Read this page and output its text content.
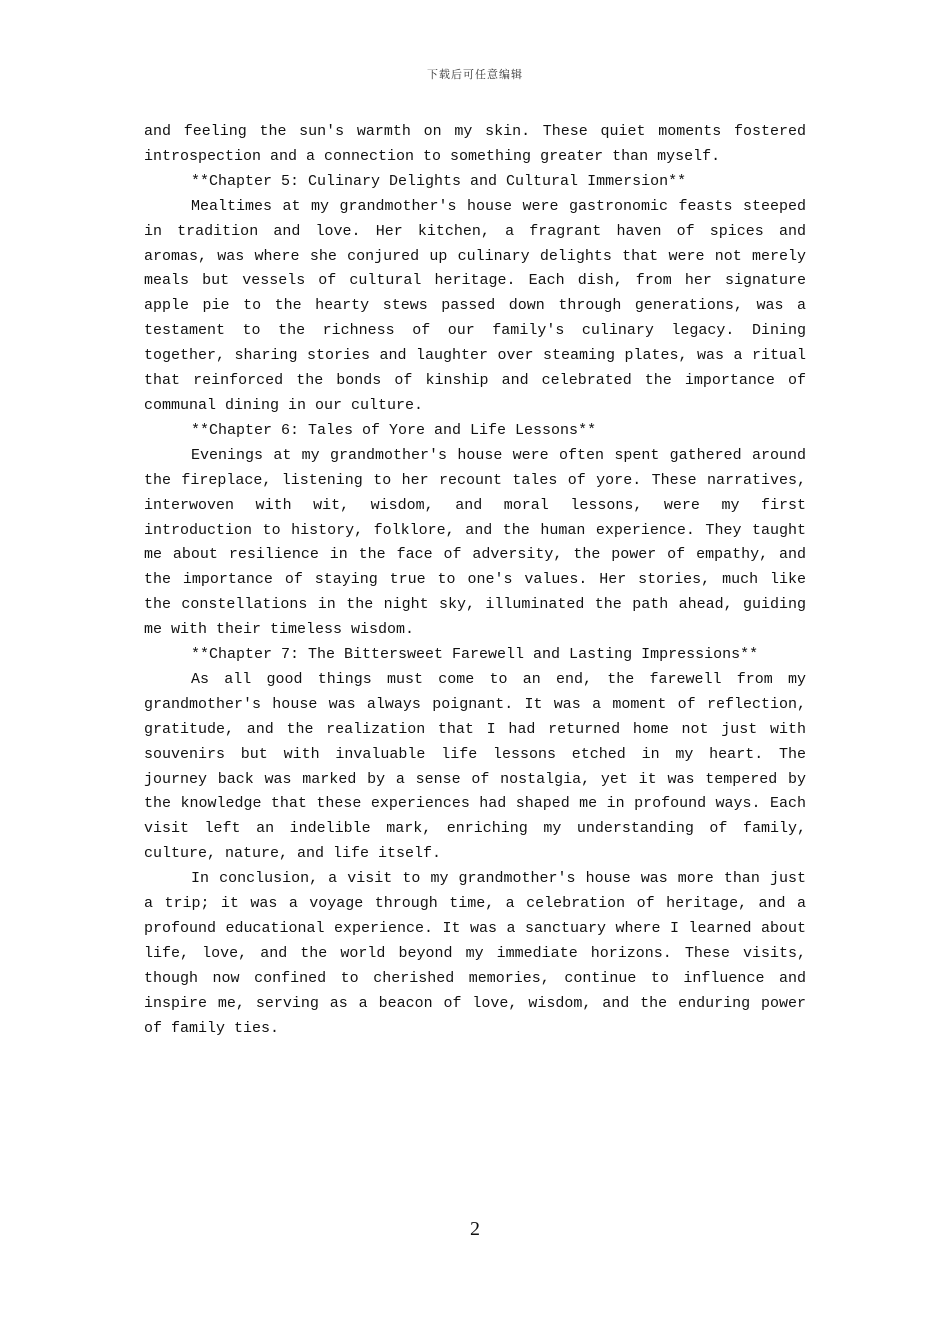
下载后可任意编辑

and feeling the sun's warmth on my skin. These quiet moments fostered introspection and a connection to something greater than myself.

**Chapter 5: Culinary Delights and Cultural Immersion**

Mealtimes at my grandmother's house were gastronomic feasts steeped in tradition and love. Her kitchen, a fragrant haven of spices and aromas, was where she conjured up culinary delights that were not merely meals but vessels of cultural heritage. Each dish, from her signature apple pie to the hearty stews passed down through generations, was a testament to the richness of our family's culinary legacy. Dining together, sharing stories and laughter over steaming plates, was a ritual that reinforced the bonds of kinship and celebrated the importance of communal dining in our culture.

**Chapter 6: Tales of Yore and Life Lessons**

Evenings at my grandmother's house were often spent gathered around the fireplace, listening to her recount tales of yore. These narratives, interwoven with wit, wisdom, and moral lessons, were my first introduction to history, folklore, and the human experience. They taught me about resilience in the face of adversity, the power of empathy, and the importance of staying true to one's values. Her stories, much like the constellations in the night sky, illuminated the path ahead, guiding me with their timeless wisdom.

**Chapter 7: The Bittersweet Farewell and Lasting Impressions**

As all good things must come to an end, the farewell from my grandmother's house was always poignant. It was a moment of reflection, gratitude, and the realization that I had returned home not just with souvenirs but with invaluable life lessons etched in my heart. The journey back was marked by a sense of nostalgia, yet it was tempered by the knowledge that these experiences had shaped me in profound ways. Each visit left an indelible mark, enriching my understanding of family, culture, nature, and life itself.

In conclusion, a visit to my grandmother's house was more than just a trip; it was a voyage through time, a celebration of heritage, and a profound educational experience. It was a sanctuary where I learned about life, love, and the world beyond my immediate horizons. These visits, though now confined to cherished memories, continue to influence and inspire me, serving as a beacon of love, wisdom, and the enduring power of family ties.

2
